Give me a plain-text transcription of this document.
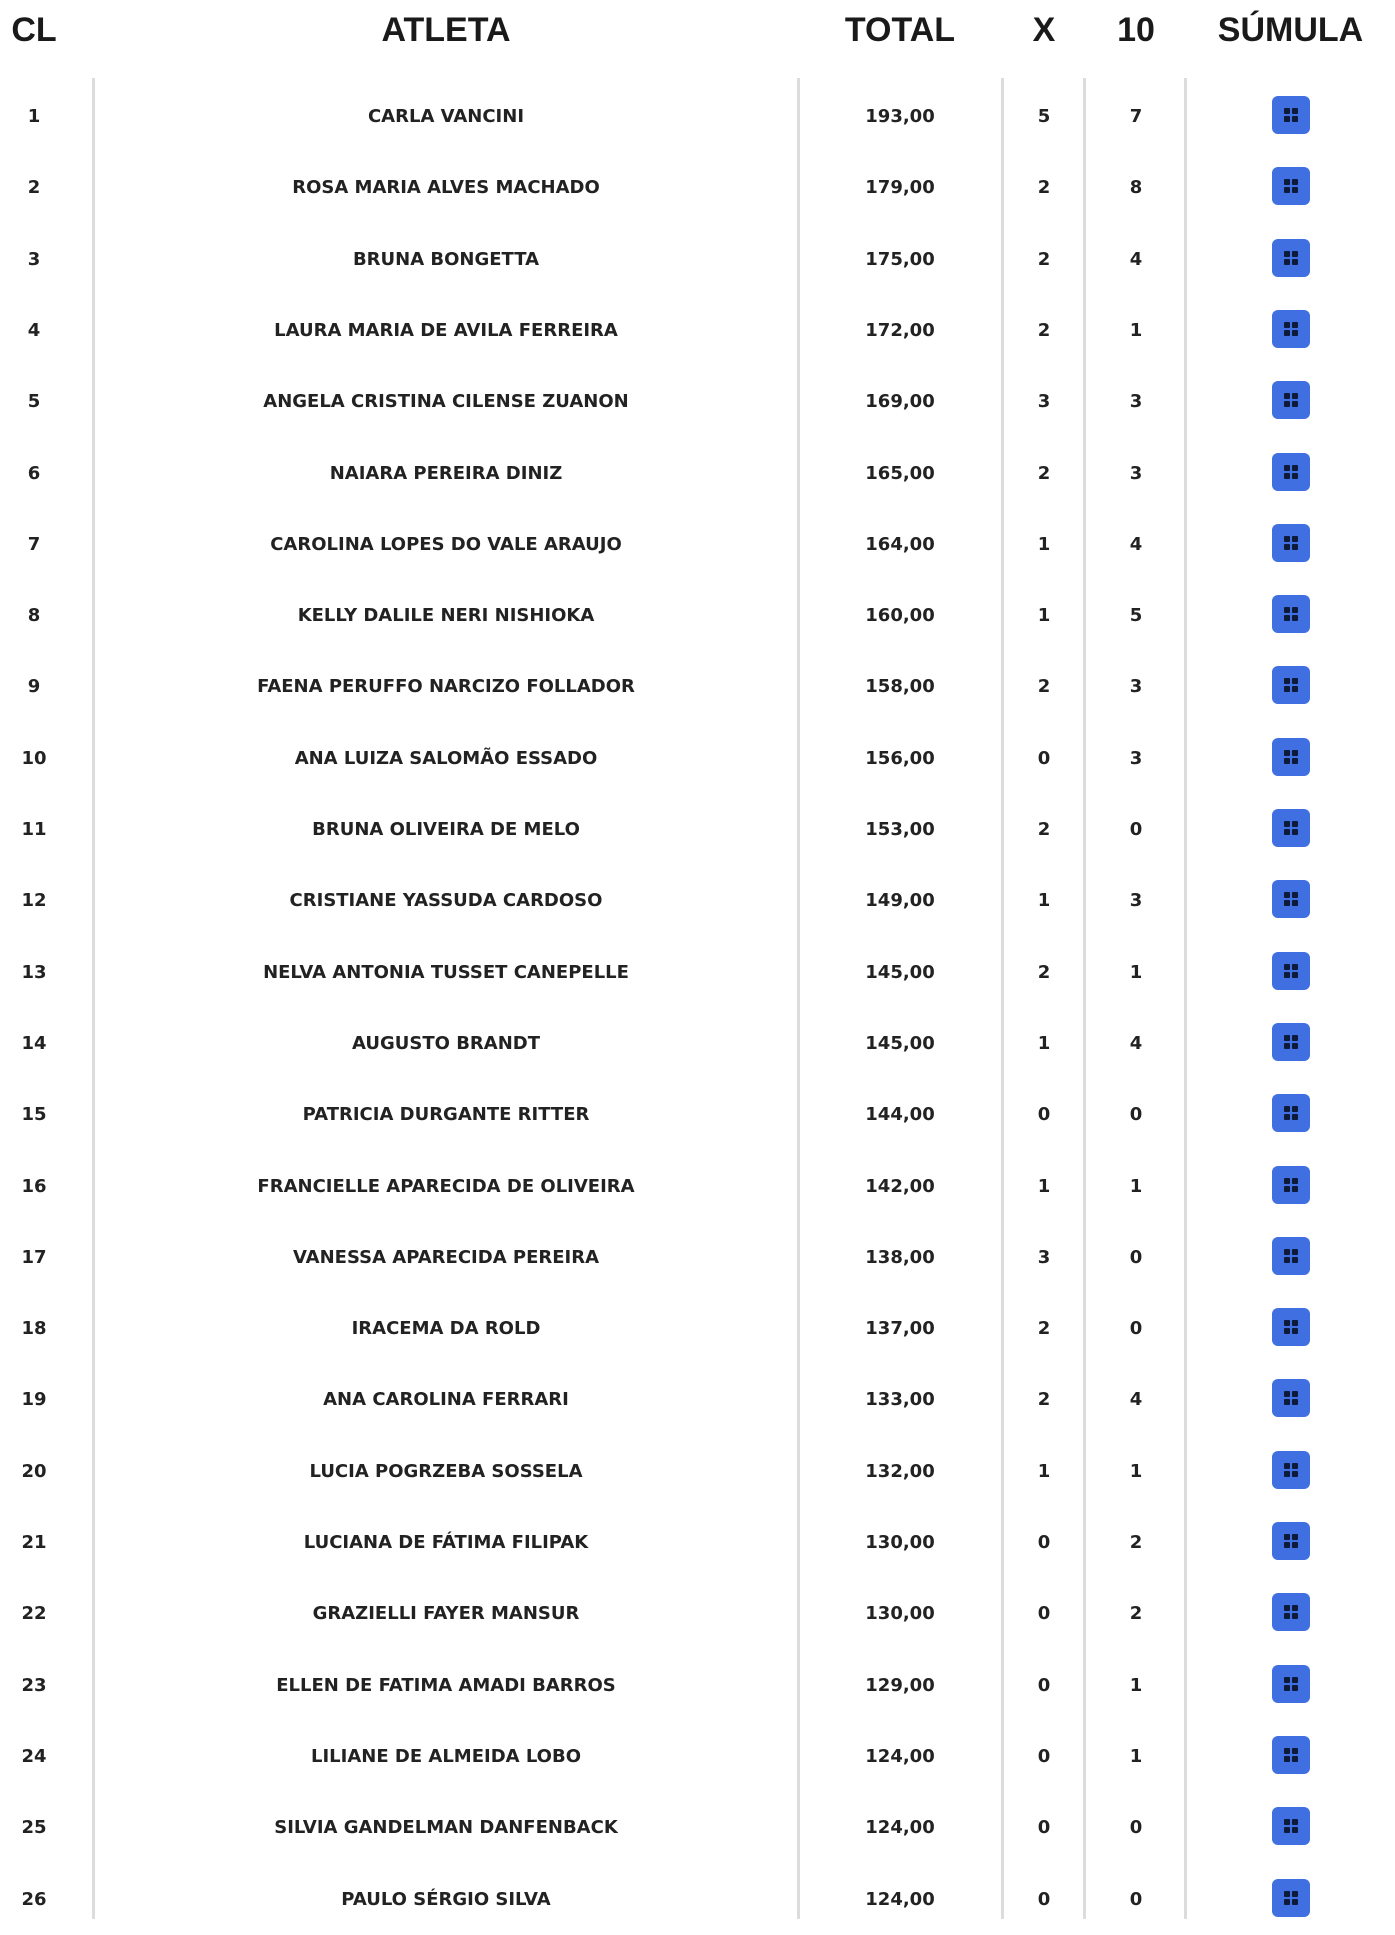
CL	ATLETA	TOTAL	X	10	SÚMULA
1	CARLA VANCINI	193,00	5	7
2	ROSA MARIA ALVES MACHADO	179,00	2	8
3	BRUNA BONGETTA	175,00	2	4
4	LAURA MARIA DE AVILA FERREIRA	172,00	2	1
5	ANGELA CRISTINA CILENSE ZUANON	169,00	3	3
6	NAIARA PEREIRA DINIZ	165,00	2	3
7	CAROLINA LOPES DO VALE ARAUJO	164,00	1	4
8	KELLY DALILE NERI NISHIOKA	160,00	1	5
9	FAENA PERUFFO NARCIZO FOLLADOR	158,00	2	3
10	ANA LUIZA SALOMÃO ESSADO	156,00	0	3
11	BRUNA OLIVEIRA DE MELO	153,00	2	0
12	CRISTIANE YASSUDA CARDOSO	149,00	1	3
13	NELVA ANTONIA TUSSET CANEPELLE	145,00	2	1
14	AUGUSTO BRANDT	145,00	1	4
15	PATRICIA DURGANTE RITTER	144,00	0	0
16	FRANCIELLE APARECIDA DE OLIVEIRA	142,00	1	1
17	VANESSA APARECIDA PEREIRA	138,00	3	0
18	IRACEMA DA ROLD	137,00	2	0
19	ANA CAROLINA FERRARI	133,00	2	4
20	LUCIA POGRZEBA SOSSELA	132,00	1	1
21	LUCIANA DE FÁTIMA FILIPAK	130,00	0	2
22	GRAZIELLI FAYER MANSUR	130,00	0	2
23	ELLEN DE FATIMA AMADI BARROS	129,00	0	1
24	LILIANE DE ALMEIDA LOBO	124,00	0	1
25	SILVIA GANDELMAN DANFENBACK	124,00	0	0
26	PAULO SÉRGIO SILVA	124,00	0	0
